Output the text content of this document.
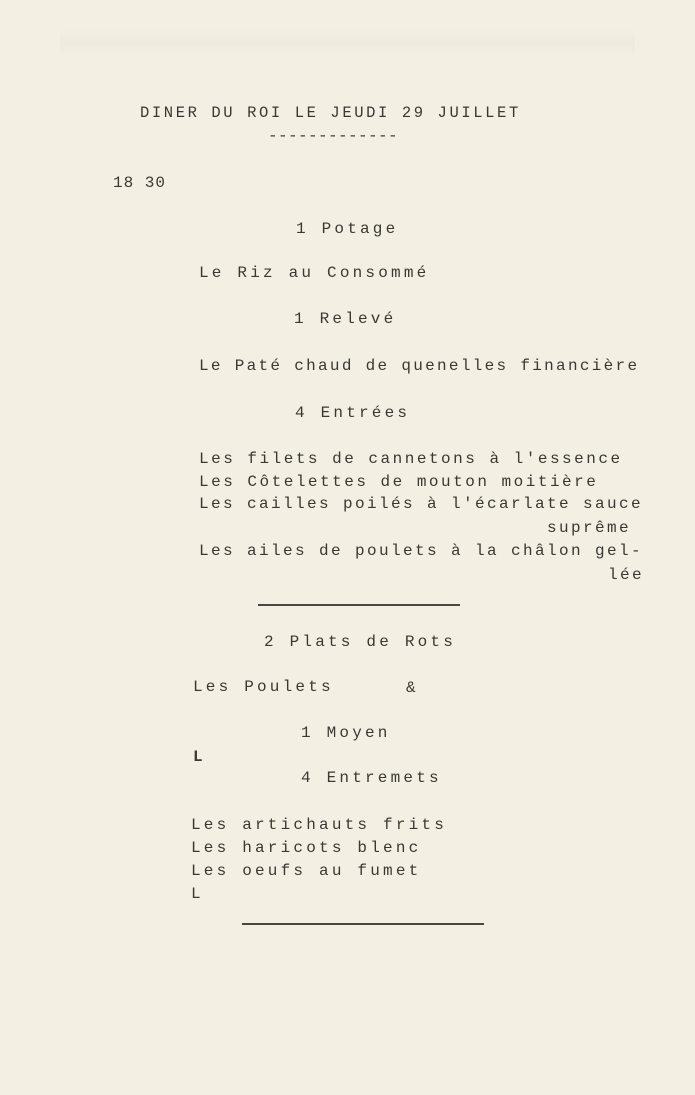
DINER DU ROI LE JEUDI 29 JUILLET
-------------
18 30
1 Potage
Le Riz au Consommé
1 Relevé
Le Paté chaud de quenelles financière
4 Entrées
Les filets de cannetons à l'essence
Les Côtelettes de mouton moitière
Les cailles poilés à l'écarlate sauce
suprême
Les ailes de poulets à la châlon gel-
lée
2 Plats de Rots
Les Poulets	&
1 Moyen
L
4 Entremets
Les artichauts frits
Les haricots blenc
Les oeufs au fumet
L
